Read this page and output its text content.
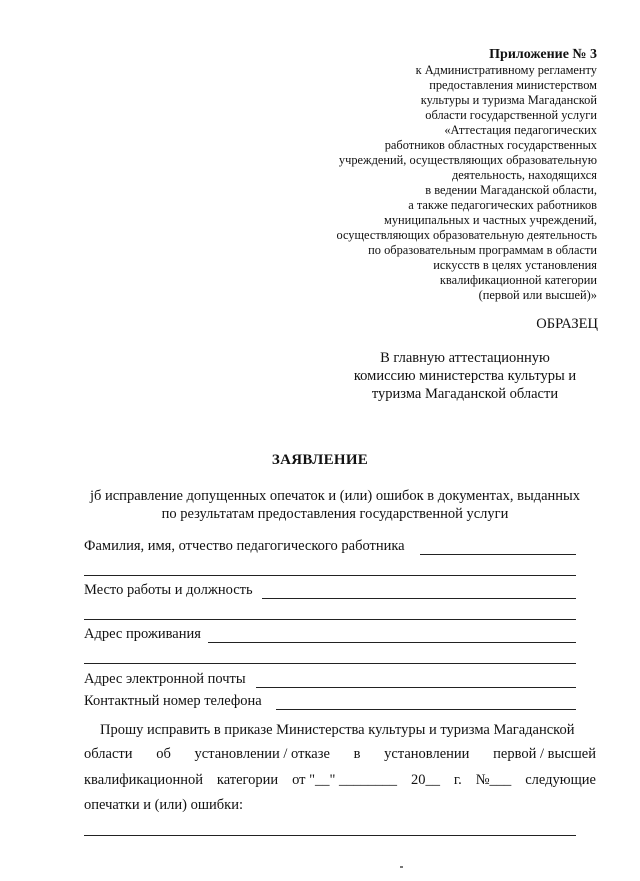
Приложение № 3
к Административному регламенту
предоставления министерством
культуры и туризма Магаданской
области государственной услуги
«Аттестация педагогических
работников областных государственных
учреждений, осуществляющих образовательную
деятельность, находящихся
в ведении Магаданской области,
а также педагогических работников
муниципальных и частных учреждений,
осуществляющих образовательную деятельность
по образовательным программам в области
искусств в целях установления
квалификационной категории
(первой или высшей)»
ОБРАЗЕЦ
В главную аттестационную
комиссию министерства культуры и
туризма Магаданской области
ЗАЯВЛЕНИЕ
jб исправление допущенных опечаток и (или) ошибок в документах, выданных
по результатам предоставления государственной услуги
Фамилия, имя, отчество педагогического работника
Место работы и должность
Адрес проживания
Адрес электронной почты
Контактный номер телефона
Прошу исправить в приказе Министерства культуры и туризма Магаданской
области об установлении / отказе в установлении первой / высшей
квалификационной категории от "__" ________ 20__ г. №___ следующие
опечатки и (или) ошибки:
